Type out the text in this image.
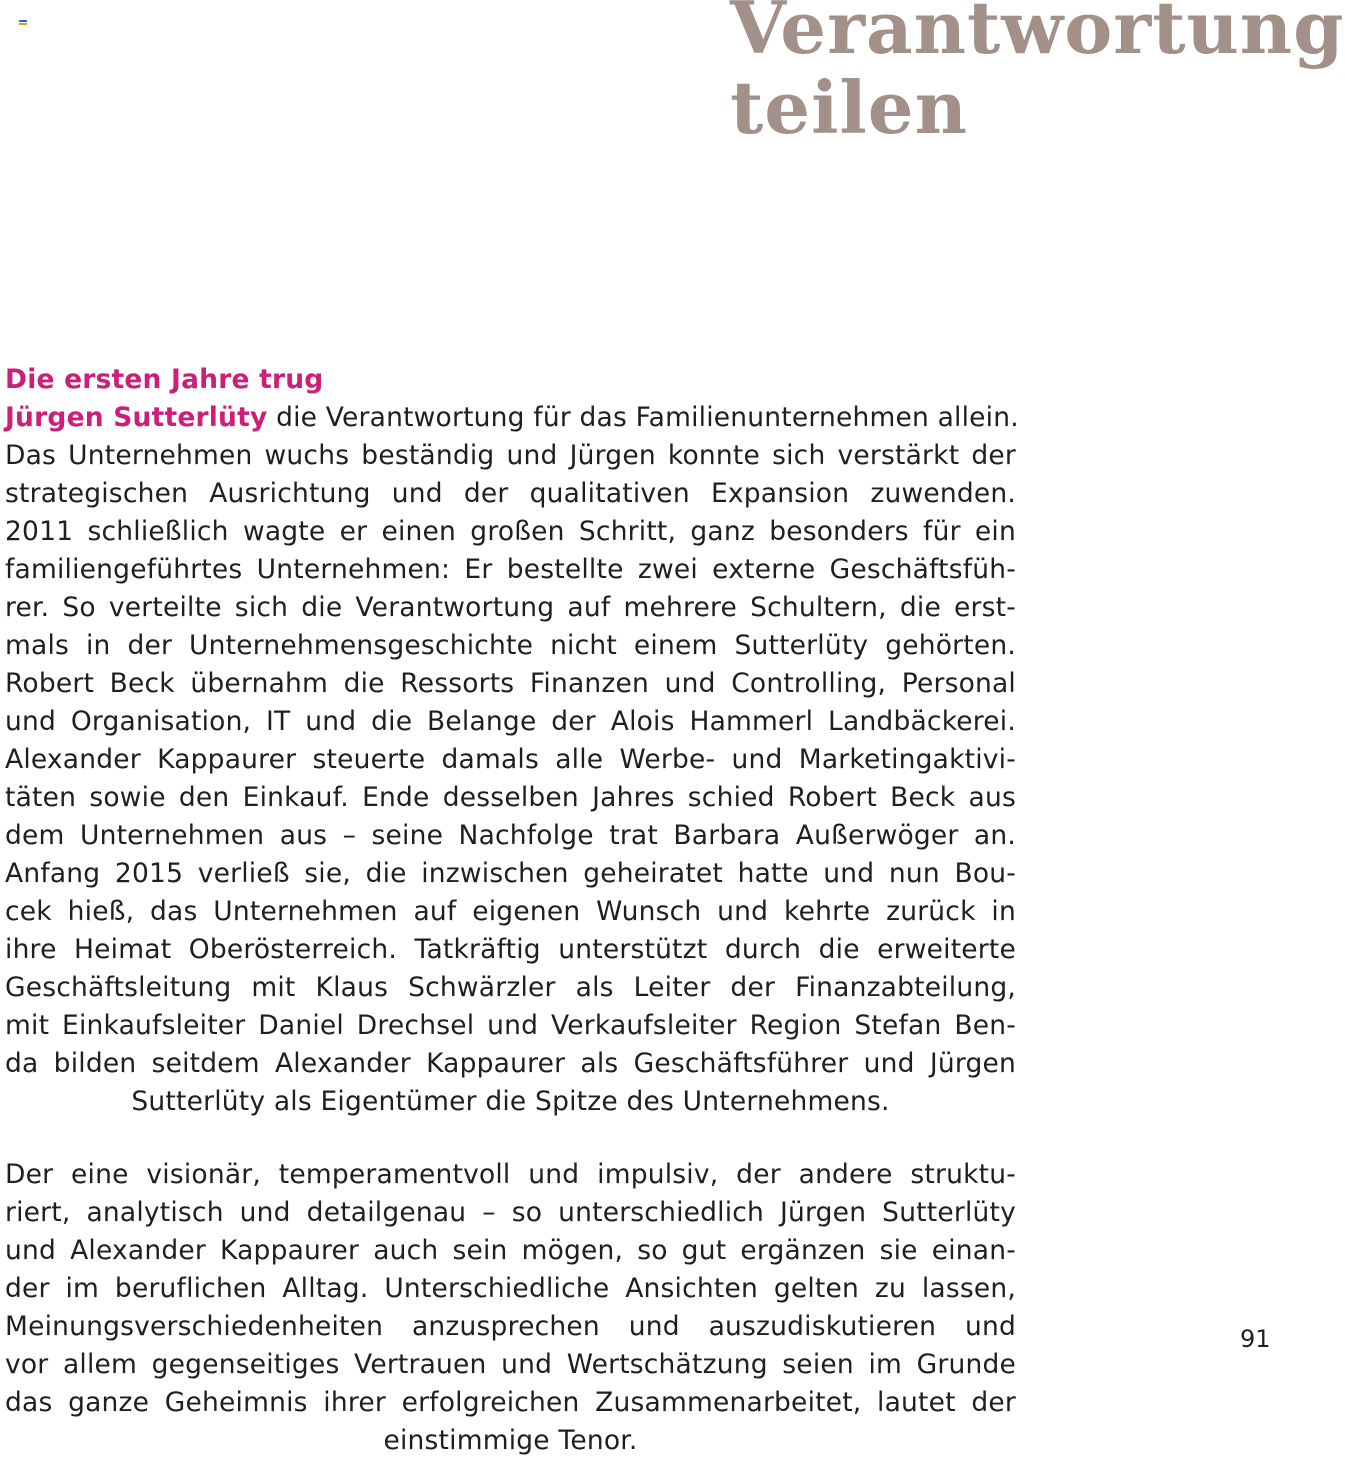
Verantwortung
teilen
Die ersten Jahre trug
Jürgen Sutterlüty die Verantwortung für das Familienunternehmen allein.
Das Unternehmen wuchs beständig und Jürgen konnte sich verstärkt der
strategischen Ausrichtung und der qualitativen Expansion zuwenden.
2011 schließlich wagte er einen großen Schritt, ganz besonders für ein
familiengeführtes Unternehmen: Er bestellte zwei externe Geschäftsfüh-
rer. So verteilte sich die Verantwortung auf mehrere Schultern, die erst-
mals in der Unternehmensgeschichte nicht einem Sutterlüty gehörten.
Robert Beck übernahm die Ressorts Finanzen und Controlling, Personal
und Organisation, IT und die Belange der Alois Hammerl Landbäckerei.
Alexander Kappaurer steuerte damals alle Werbe- und Marketingaktivi-
täten sowie den Einkauf. Ende desselben Jahres schied Robert Beck aus
dem Unternehmen aus – seine Nachfolge trat Barbara Außerwöger an.
Anfang 2015 verließ sie, die inzwischen geheiratet hatte und nun Bou-
cek hieß, das Unternehmen auf eigenen Wunsch und kehrte zurück in
ihre Heimat Oberösterreich. Tatkräftig unterstützt durch die erweiterte
Geschäftsleitung mit Klaus Schwärzler als Leiter der Finanzabteilung,
mit Einkaufsleiter Daniel Drechsel und Verkaufsleiter Region Stefan Ben-
da bilden seitdem Alexander Kappaurer als Geschäftsführer und Jürgen
Sutterlüty als Eigentümer die Spitze des Unternehmens.
Der eine visionär, temperamentvoll und impulsiv, der andere struktu-
riert, analytisch und detailgenau – so unterschiedlich Jürgen Sutterlüty
und Alexander Kappaurer auch sein mögen, so gut ergänzen sie einan-
der im beruflichen Alltag. Unterschiedliche Ansichten gelten zu lassen,
Meinungsverschiedenheiten anzusprechen und auszudiskutieren und
vor allem gegenseitiges Vertrauen und Wertschätzung seien im Grunde
das ganze Geheimnis ihrer erfolgreichen Zusammenarbeitet, lautet der
einstimmige Tenor.
91
